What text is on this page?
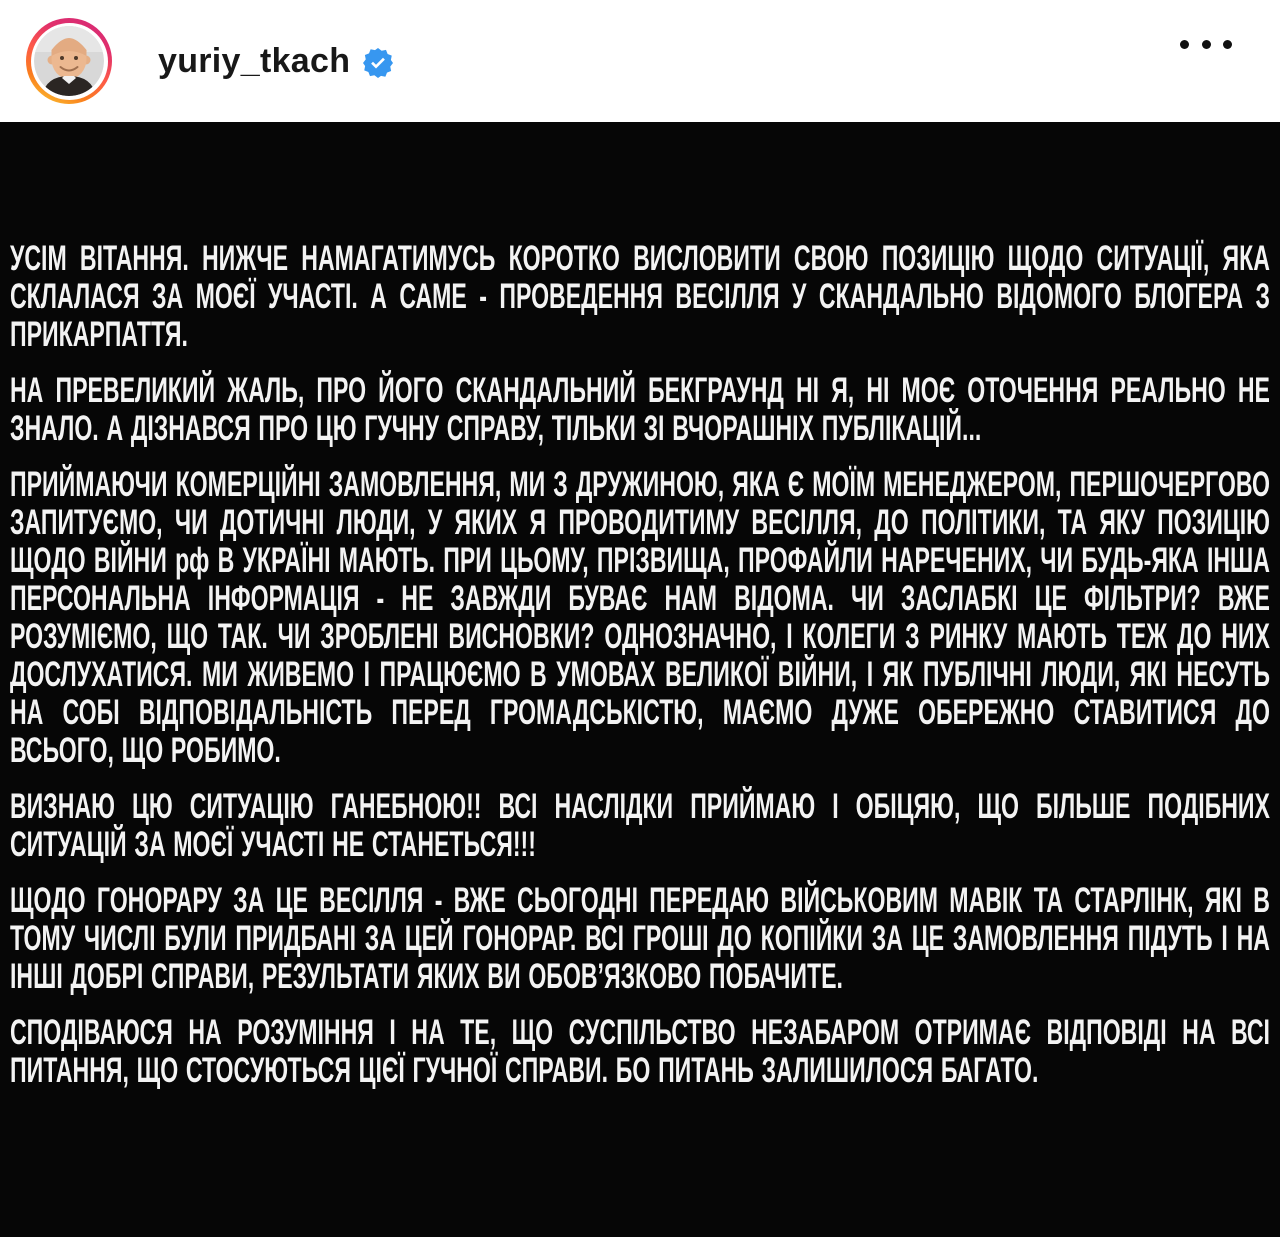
yuriy_tkach

УСІМ ВІТАННЯ. НИЖЧЕ НАМАГАТИМУСЬ КОРОТКО ВИСЛОВИТИ СВОЮ ПОЗИЦІЮ ЩОДО СИТУАЦІЇ, ЯКА СКЛАЛАСЯ ЗА МОЄЇ УЧАСТІ. А САМЕ - ПРОВЕДЕННЯ ВЕСІЛЛЯ У СКАНДАЛЬНО ВІДОМОГО БЛОГЕРА З ПРИКАРПАТТЯ.

НА ПРЕВЕЛИКИЙ ЖАЛЬ, ПРО ЙОГО СКАНДАЛЬНИЙ БЕКГРАУНД НІ Я, НІ МОЄ ОТОЧЕННЯ РЕАЛЬНО НЕ ЗНАЛО. А ДІЗНАВСЯ ПРО ЦЮ ГУЧНУ СПРАВУ, ТІЛЬКИ ЗІ ВЧОРАШНІХ ПУБЛІКАЦІЙ...

ПРИЙМАЮЧИ КОМЕРЦІЙНІ ЗАМОВЛЕННЯ, МИ З ДРУЖИНОЮ, ЯКА Є МОЇМ МЕНЕДЖЕРОМ, ПЕРШОЧЕРГОВО ЗАПИТУЄМО, ЧИ ДОТИЧНІ ЛЮДИ, У ЯКИХ Я ПРОВОДИТИМУ ВЕСІЛЛЯ, ДО ПОЛІТИКИ, ТА ЯКУ ПОЗИЦІЮ ЩОДО ВІЙНИ рф В УКРАЇНІ МАЮТЬ. ПРИ ЦЬОМУ, ПРІЗВИЩА, ПРОФАЙЛИ НАРЕЧЕНИХ, ЧИ БУДЬ-ЯКА ІНША ПЕРСОНАЛЬНА ІНФОРМАЦІЯ - НЕ ЗАВЖДИ БУВАЄ НАМ ВІДОМА. ЧИ ЗАСЛАБКІ ЦЕ ФІЛЬТРИ? ВЖЕ РОЗУМІЄМО, ЩО ТАК. ЧИ ЗРОБЛЕНІ ВИСНОВКИ? ОДНОЗНАЧНО, І КОЛЕГИ З РИНКУ МАЮТЬ ТЕЖ ДО НИХ ДОСЛУХАТИСЯ. МИ ЖИВЕМО І ПРАЦЮЄМО В УМОВАХ ВЕЛИКОЇ ВІЙНИ, І ЯК ПУБЛІЧНІ ЛЮДИ, ЯКІ НЕСУТЬ НА СОБІ ВІДПОВІДАЛЬНІСТЬ ПЕРЕД ГРОМАДСЬКІСТЮ, МАЄМО ДУЖЕ ОБЕРЕЖНО СТАВИТИСЯ ДО ВСЬОГО, ЩО РОБИМО.

ВИЗНАЮ ЦЮ СИТУАЦІЮ ГАНЕБНОЮ!! ВСІ НАСЛІДКИ ПРИЙМАЮ І ОБІЦЯЮ, ЩО БІЛЬШЕ ПОДІБНИХ СИТУАЦІЙ ЗА МОЄЇ УЧАСТІ НЕ СТАНЕТЬСЯ!!!

ЩОДО ГОНОРАРУ ЗА ЦЕ ВЕСІЛЛЯ - ВЖЕ СЬОГОДНІ ПЕРЕДАЮ ВІЙСЬКОВИМ МАВІК ТА СТАРЛІНК, ЯКІ В ТОМУ ЧИСЛІ БУЛИ ПРИДБАНІ ЗА ЦЕЙ ГОНОРАР. ВСІ ГРОШІ ДО КОПІЙКИ ЗА ЦЕ ЗАМОВЛЕННЯ ПІДУТЬ І НА ІНШІ ДОБРІ СПРАВИ, РЕЗУЛЬТАТИ ЯКИХ ВИ ОБОВ’ЯЗКОВО ПОБАЧИТЕ.

СПОДІВАЮСЯ НА РОЗУМІННЯ І НА ТЕ, ЩО СУСПІЛЬСТВО НЕЗАБАРОМ ОТРИМАЄ ВІДПОВІДІ НА ВСІ ПИТАННЯ, ЩО СТОСУЮТЬСЯ ЦІЄЇ ГУЧНОЇ СПРАВИ. БО ПИТАНЬ ЗАЛИШИЛОСЯ БАГАТО.
